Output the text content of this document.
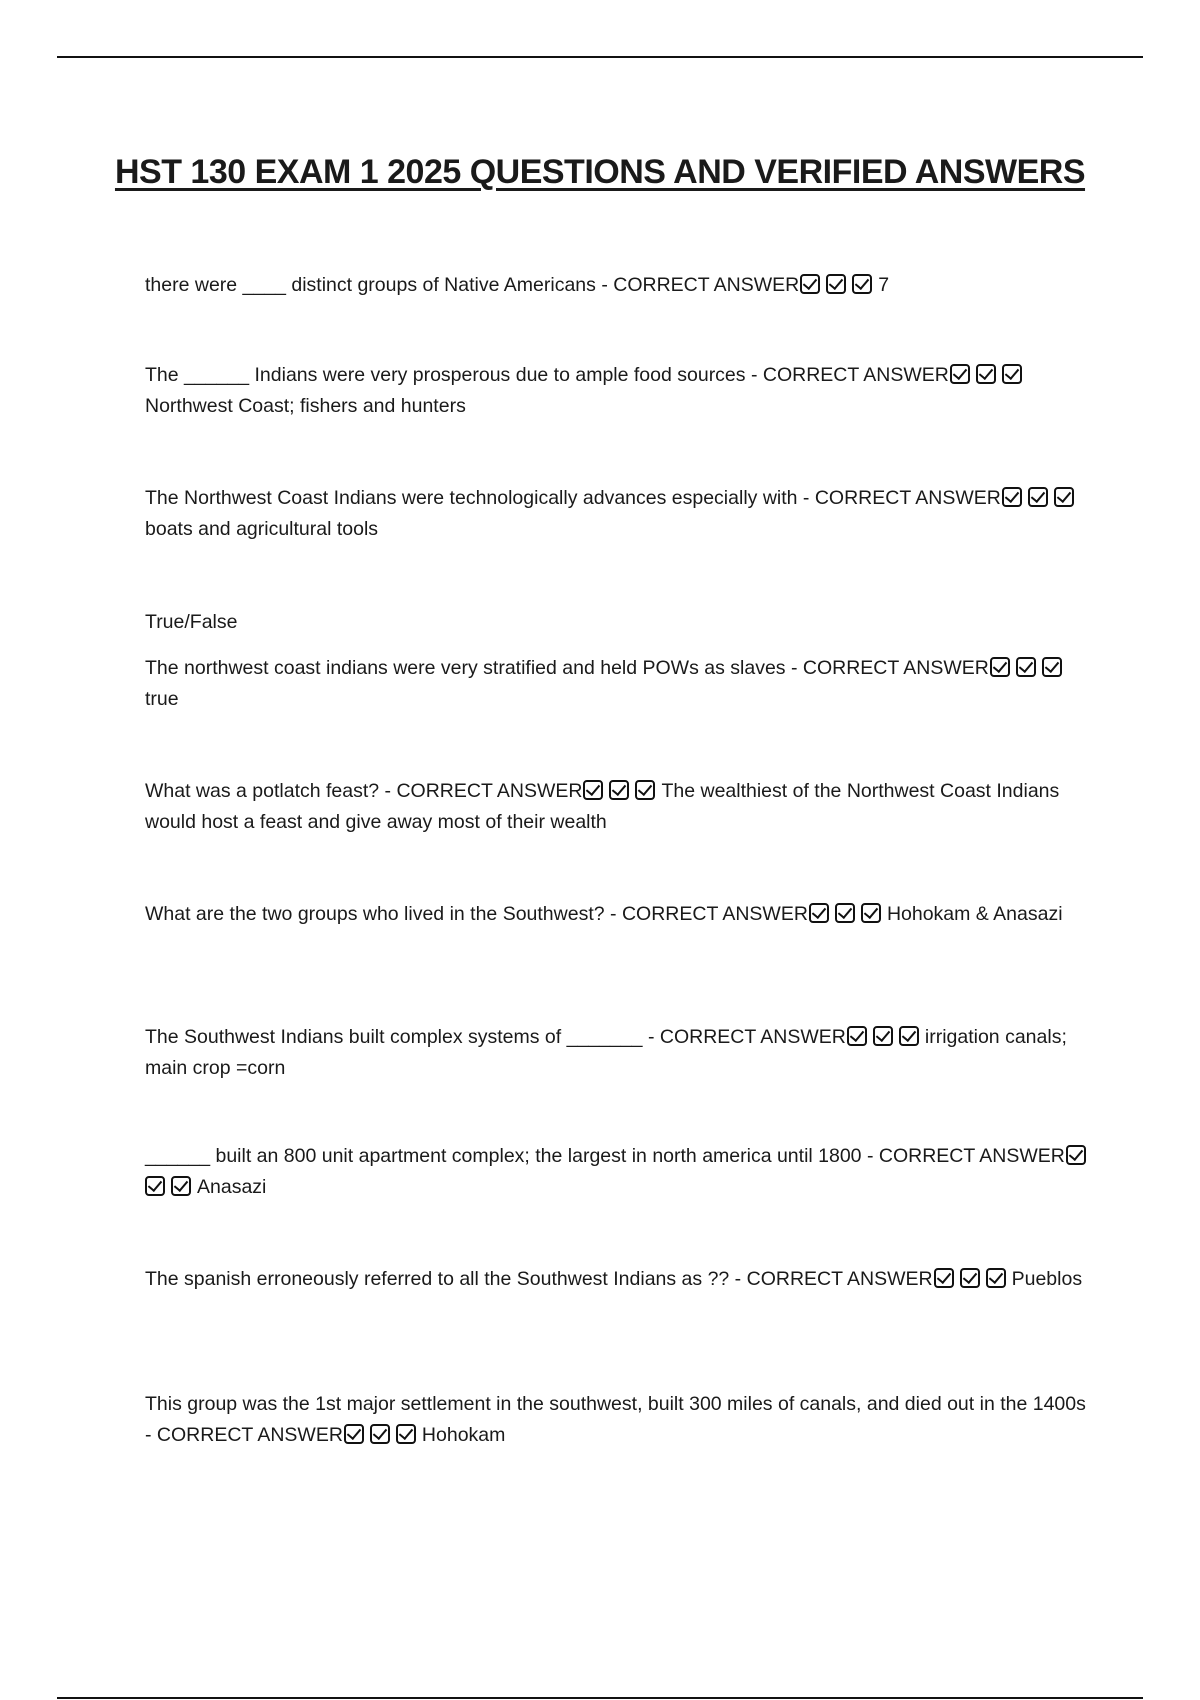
HST 130 EXAM 1 2025 QUESTIONS AND VERIFIED ANSWERS
there were ____ distinct groups of Native Americans - CORRECT ANSWER	7
The ______ Indians were very prosperous due to ample food sources - CORRECT ANSWERNorthwest Coast; fishers and hunters
The Northwest Coast Indians were technologically advances especially with - CORRECT ANSWERboats and agricultural tools
True/False
The northwest coast indians were very stratified and held POWs as slaves - CORRECT ANSWERtrue
What was a potlatch feast? - CORRECT ANSWER	The wealthiest of the Northwest Coast Indians would host a feast and give away most of their wealth
What are the two groups who lived in the Southwest? - CORRECT ANSWER	Hohokam & Anasazi
The Southwest Indians built complex systems of _______ - CORRECT ANSWER	irrigation canals; main crop =corn
______ built an 800 unit apartment complex; the largest in north america until 1800 - CORRECT ANSWERAnasazi
The spanish erroneously referred to all the Southwest Indians as ?? - CORRECT ANSWER	Pueblos
This group was the 1st major settlement in the southwest, built 300 miles of canals, and died out in the 1400s - CORRECT ANSWER	Hohokam
